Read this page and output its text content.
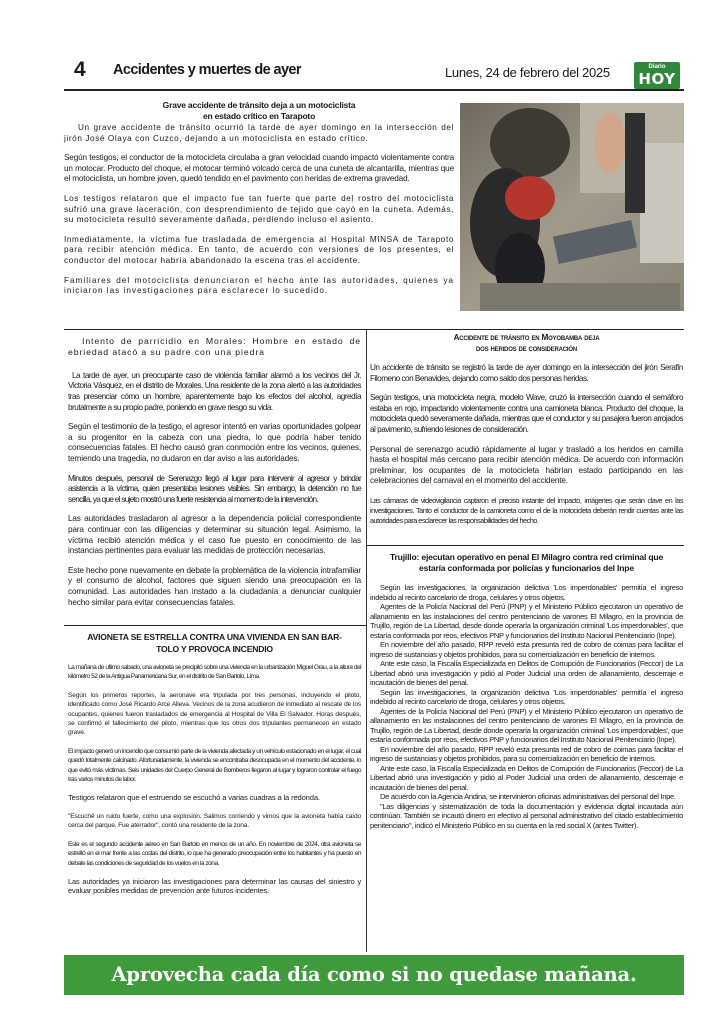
4 Accidentes y muertes de ayer	Lunes, 24 de febrero del 2025	Diario
HOY
Grave accidente de tránsito deja a un motociclista
en estado crítico en Tarapoto

Un grave accidente de tránsito ocurrió la tarde de ayer domingo en la intersección del jirón José Olaya con Cuzco, dejando a un motociclista en estado crítico.

Según testigos, el conductor de la motocicleta circulaba a gran velocidad cuando impactó violentamente contra un motocar. Producto del choque, el motocar terminó volcado cerca de una cuneta de alcantarilla, mientras que el motociclista, un hombre joven, quedó tendido en el pavimento con heridas de extrema gravedad.

Los testigos relataron que el impacto fue tan fuerte que parte del rostro del motociclista sufrió una grave laceración, con desprendimiento de tejido que cayó en la cuneta. Además, su motocicleta resultó severamente dañada, perdiendo incluso el asiento.

Inmediatamente, la víctima fue trasladada de emergencia al Hospital MINSA de Tarapoto para recibir atención médica. En tanto, de acuerdo con versiones de los presentes, el conductor del motocar habría abandonado la escena tras el accidente.

Familiares del motociclista denunciaron el hecho ante las autoridades, quienes ya iniciaron las investigaciones para esclarecer lo sucedido.

Intento de parricidio en Morales: Hombre en estado de ebriedad atacó a su padre con una piedra

La tarde de ayer, un preocupante caso de violencia familiar alarmó a los vecinos del Jr. Victoria Vásquez, en el distrito de Morales. Una residente de la zona alertó a las autoridades tras presenciar cómo un hombre, aparentemente bajo los efectos del alcohol, agredía brutalmente a su propio padre, poniendo en grave riesgo su vida.

Según el testimonio de la testigo, el agresor intentó en varias oportunidades golpear a su progenitor en la cabeza con una piedra, lo que podría haber tenido consecuencias fatales. El hecho causó gran conmoción entre los vecinos, quienes, temiendo una tragedia, no dudaron en dar aviso a las autoridades.

Minutos después, personal de Serenazgo llegó al lugar para intervenir al agresor y brindar asistencia a la víctima, quien presentaba lesiones visibles. Sin embargo, la detención no fue sencilla, ya que el sujeto mostró una fuerte resistencia al momento de la intervención.

Las autoridades trasladaron al agresor a la dependencia policial correspondiente para continuar con las diligencias y determinar su situación legal. Asimismo, la víctima recibió atención médica y el caso fue puesto en conocimiento de las instancias pertinentes para evaluar las medidas de protección necesarias.

Este hecho pone nuevamente en debate la problemática de la violencia intrafamiliar y el consumo de alcohol, factores que siguen siendo una preocupación en la comunidad. Las autoridades han instado a la ciudadanía a denunciar cualquier hecho similar para evitar consecuencias fatales.

AVIONETA SE ESTRELLA CONTRA UNA VIVIENDA EN SAN BAR-
TOLO Y PROVOCA INCENDIO

La mañana de ultimo sabado, una avioneta se precipitó sobre una vivienda en la urbanización Miguel Grau, a la altura del kilómetro 52 de la Antigua Panamericana Sur, en el distrito de San Bartolo, Lima.

Según los primeros reportes, la aeronave era tripulada por tres personas, incluyendo el piloto, identificado como José Ricardo Arce Alleva. Vecinos de la zona acudieron de inmediato al rescate de los ocupantes, quienes fueron trasladados de emergencia al Hospital de Villa El Salvador. Horas después, se confirmó el fallecimiento del piloto, mientras que los otros dos tripulantes permanecen en estado grave.

El impacto generó un incendio que consumió parte de la vivienda afectada y un vehículo estacionado en el lugar, el cual quedó totalmente calcinado. Afortunadamente, la vivienda se encontraba desocupada en el momento del accidente, lo que evitó más víctimas. Seis unidades del Cuerpo General de Bomberos llegaron al lugar y lograron controlar el fuego tras varios minutos de labor.

Testigos relataron que el estruendo se escuchó a varias cuadras a la redonda.

"Escuché un ruido fuerte, como una explosión. Salimos corriendo y vimos que la avioneta había caído cerca del parque. Fue aterrador", contó una residente de la zona.

Este es el segundo accidente aéreo en San Bartolo en menos de un año. En noviembre de 2024, otra avioneta se estrelló en el mar frente a las costas del distrito, lo que ha generado preocupación entre los habitantes y ha puesto en debate las condiciones de seguridad de los vuelos en la zona.

Las autoridades ya iniciaron las investigaciones para determinar las causas del siniestro y evaluar posibles medidas de prevención ante futuros incidentes.

Accidente de tránsito en Moyobamba deja
dos heridos de consideración

Un accidente de tránsito se registró la tarde de ayer domingo en la intersección del jirón Serafín Filomeno con Benavides, dejando como saldo dos personas heridas.

Según testigos, una motocicleta negra, modelo Wave, cruzó la intersección cuando el semáforo estaba en rojo, impactando violentamente contra una camioneta blanca. Producto del choque, la motocicleta quedó severamente dañada, mientras que el conductor y su pasajera fueron arrojados al pavimento, sufriendo lesiones de consideración.

Personal de serenazgo acudió rápidamente al lugar y trasladó a los heridos en camilla hasta el hospital más cercano para recibir atención médica. De acuerdo con información preliminar, los ocupantes de la motocicleta habrían estado participando en las celebraciones del carnaval en el momento del accidente.

Las cámaras de videovigilancia captaron el preciso instante del impacto, imágenes que serán clave en las investigaciones. Tanto el conductor de la camioneta como el de la motocicleta deberán rendir cuentas ante las autoridades para esclarecer las responsabilidades del hecho.

Trujillo: ejecutan operativo en penal El Milagro contra red criminal que
estaría conformada por policías y funcionarios del Inpe

Según las investigaciones, la organización delictiva 'Los imperdonables' permitía el ingreso indebido al recinto carcelario de droga, celulares y otros objetos.

Agentes de la Policía Nacional del Perú (PNP) y el Ministerio Público ejecutaron un operativo de allanamiento en las instalaciones del centro penitenciario de varones El Milagro, en la provincia de Trujillo, región de La Libertad, desde donde operaría la organización criminal 'Los imperdonables', que estaría conformada por reos, efectivos PNP y funcionarios del Instituto Nacional Penitenciario (Inpe).

En noviembre del año pasado, RPP reveló esta presunta red de cobro de coimas para facilitar el ingreso de sustancias y objetos prohibidos, para su comercialización en beneficio de internos.

Ante este caso, la Fiscalía Especializada en Delitos de Corrupción de Funcionarios (Feccor) de La Libertad abrió una investigación y pidió al Poder Judicial una orden de allanamiento, descerraje e incautación de bienes del penal.

Según las investigaciones, la organización delictiva 'Los imperdonables' permitía el ingreso indebido al recinto carcelario de droga, celulares y otros objetos.

Agentes de la Policía Nacional del Perú (PNP) y el Ministerio Público ejecutaron un operativo de allanamiento en las instalaciones del centro penitenciario de varones El Milagro, en la provincia de Trujillo, región de La Libertad, desde donde operaría la organización criminal 'Los imperdonables', que estaría conformada por reos, efectivos PNP y funcionarios del Instituto Nacional Penitenciario (Inpe).

En noviembre del año pasado, RPP reveló esta presunta red de cobro de coimas para facilitar el ingreso de sustancias y objetos prohibidos, para su comercialización en beneficio de internos.

Ante este caso, la Fiscalía Especializada en Delitos de Corrupción de Funcionarios (Feccor) de La Libertad abrió una investigación y pidió al Poder Judicial una orden de allanamiento, descerraje e incautación de bienes del penal.

De acuerdo con la Agencia Andina, se intervinieron oficinas administrativas del personal del Inpe.

"Las diligencias y sistematización de toda la documentación y evidencia digital incautada aún continúan. También se incautó dinero en efectivo al personal administrativo del citado establecimiento penitenciario", indicó el Ministerio Público en su cuenta en la red social X (antes Twitter).

Aprovecha cada día como si no quedase mañana.
